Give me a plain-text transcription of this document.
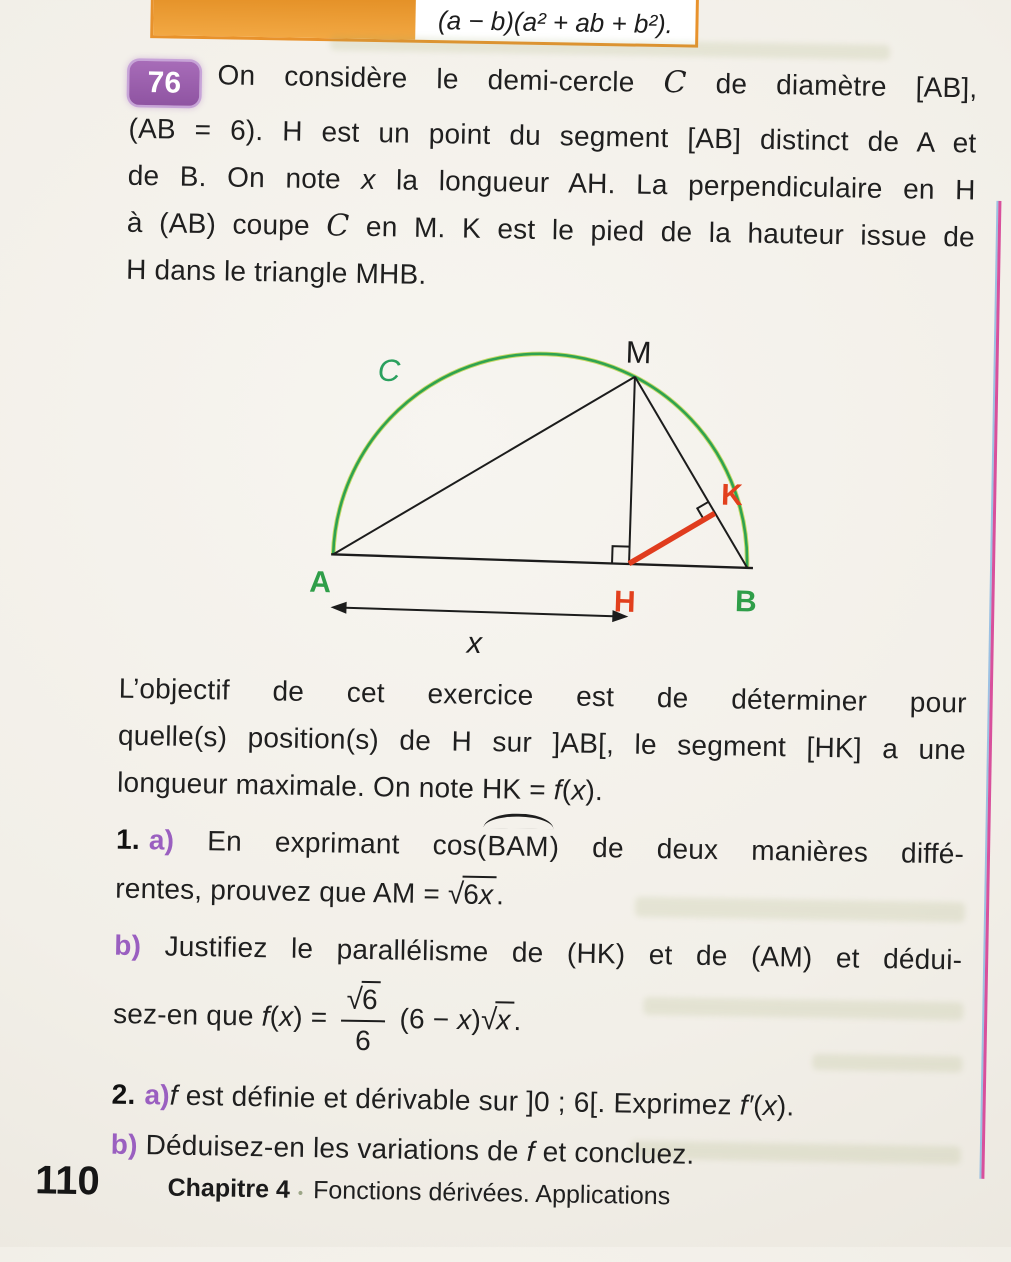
(a − b)(a² + ab + b²).

76 On considère le demi-cercle C de diamètre [AB],

(AB = 6). H est un point du segment [AB] distinct de A et

de B. On note x la longueur AH. La perpendiculaire en H

à (AB) coupe C en M. K est le pied de la hauteur issue de

H dans le triangle MHB.

C
M
A
B
H
K
x

L’objectif de cet exercice est de déterminer pour

quelle(s) position(s) de H sur ]AB[, le segment [HK] a une

longueur maximale. On note HK = f(x).

1. a) En exprimant cos(BAM) de deux manières diffé-

rentes, prouvez que AM = √6x.

b) Justifiez le parallélisme de (HK) et de (AM) et dédui-

sez-en que $f(x) = \frac{√6}{6} (6 - x)√x$.

2. a)f est définie et dérivable sur ]0 ; 6[. Exprimez f′(x).

b) Déduisez-en les variations de f et concluez.

110	Chapitre 4 • Fonctions dérivées. Applications
